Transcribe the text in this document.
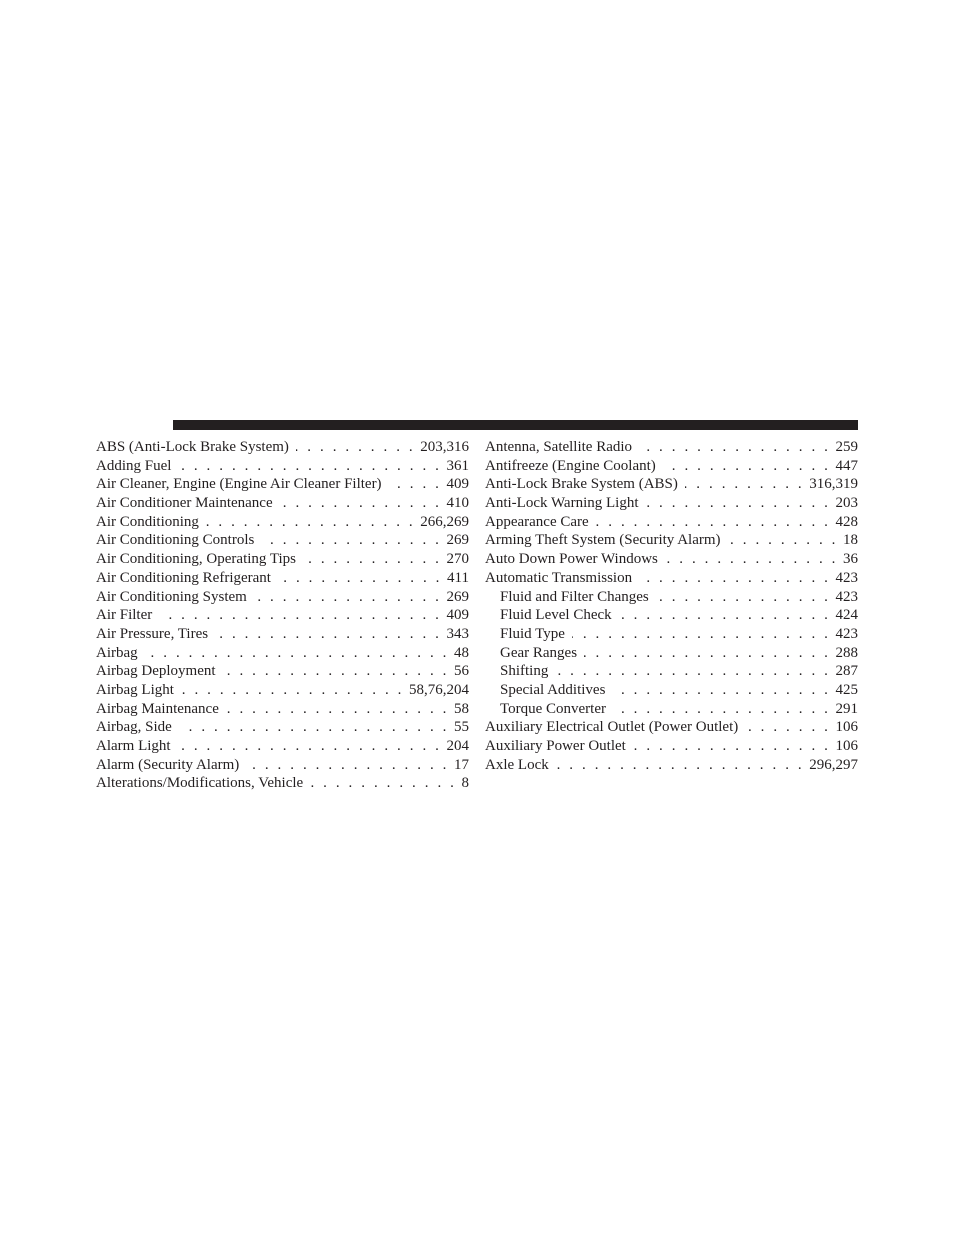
ABS (Anti-Lock Brake System) . . .	203,316
Adding Fuel . . .	361
Air Cleaner, Engine (Engine Air Cleaner Filter) . . .	409
Air Conditioner Maintenance . . .	410
Air Conditioning . . .	266,269
Air Conditioning Controls . . .	269
Air Conditioning, Operating Tips . . .	270
Air Conditioning Refrigerant . . .	411
Air Conditioning System . . .	269
Air Filter . . .	409
Air Pressure, Tires . . .	343
Airbag . . .	48
Airbag Deployment . . .	56
Airbag Light . . .	58,76,204
Airbag Maintenance . . .	58
Airbag, Side . . .	55
Alarm Light . . .	204
Alarm (Security Alarm) . . .	17
Alterations/Modifications, Vehicle . . .	8
Antenna, Satellite Radio . . .	259
Antifreeze (Engine Coolant) . . .	447
Anti-Lock Brake System (ABS) . . .	316,319
Anti-Lock Warning Light . . .	203
Appearance Care . . .	428
Arming Theft System (Security Alarm) . . .	18
Auto Down Power Windows . . .	36
Automatic Transmission . . .	423
Fluid and Filter Changes . . .	423
Fluid Level Check . . .	424
Fluid Type . . .	423
Gear Ranges . . .	288
Shifting . . .	287
Special Additives . . .	425
Torque Converter . . .	291
Auxiliary Electrical Outlet (Power Outlet) . . .	106
Auxiliary Power Outlet . . .	106
Axle Lock . . .	296,297
